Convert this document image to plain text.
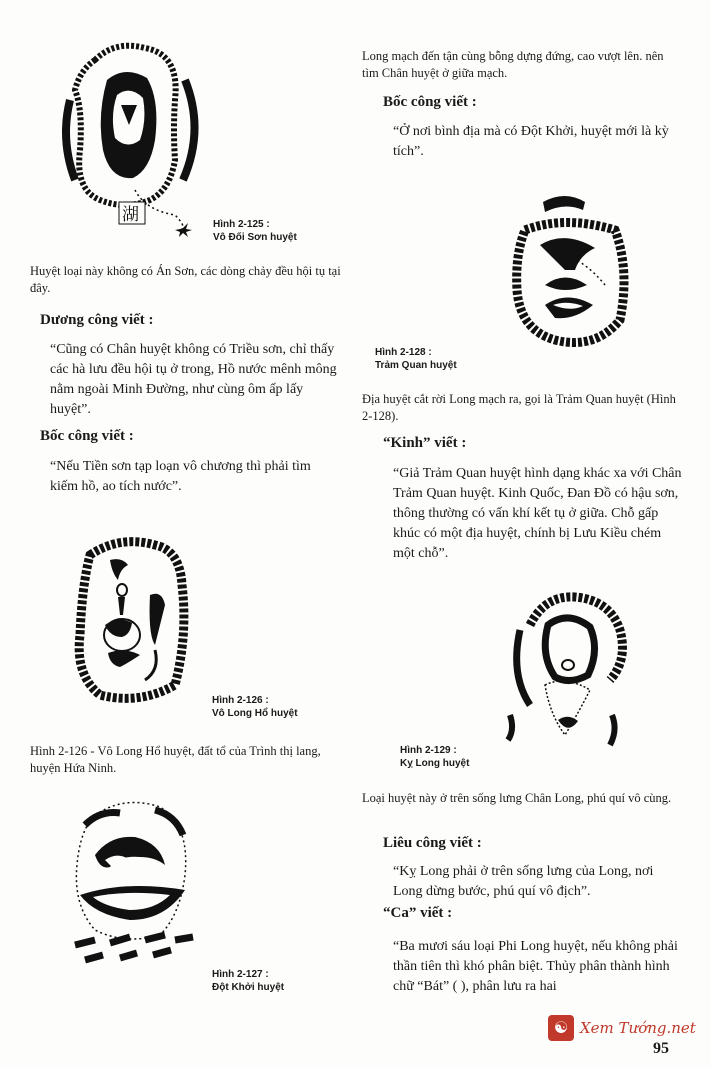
湖	Hình 2-125 :
Vô Đối Sơn huyệt
Huyệt loại này không có Án Sơn, các dòng chảy đều hội tụ tại đây.
Dương công viết :
“Cũng có Chân huyệt không có Triều sơn, chỉ thấy các hà lưu đều hội tụ ở trong, Hồ nước mênh mông nằm ngoài Minh Đường, như cùng ôm ấp lấy huyệt”.
Bốc công viết :
“Nếu Tiền sơn tạp loạn vô chương thì phải tìm kiếm hồ, ao tích nước”.
Hình 2-126 :
Vô Long Hổ huyệt
Hình 2-126 - Vô Long Hổ huyệt, đất tổ của Trình thị lang, huyện Hứa Ninh.
Hình 2-127 :
Đột Khởi huyệt
Long mạch đến tận cùng bỗng dựng đứng, cao vượt lên. nên tìm Chân huyệt ở giữa mạch.
Bốc công viết :
“Ở nơi bình địa mà có Đột Khởi, huyệt mới là kỳ tích”.
Hình 2-128 :
Trảm Quan huyệt
Địa huyệt cắt rời Long mạch ra, gọi là Trảm Quan huyệt (Hình 2-128).
“Kinh” viết :
“Giả Trảm Quan huyệt hình dạng khác xa với Chân Trảm Quan huyệt. Kinh Quốc, Đan Đồ có hậu sơn, thông thường có vấn khí kết tụ ở giữa. Chỗ gấp khúc có một địa huyệt, chính bị Lưu Kiều chém một chỗ”.
Hình 2-129 :
Kỵ Long huyệt
Loại huyệt này ở trên sống lưng Chân Long, phú quí vô cùng.
Liêu công viết :
“Kỵ Long phải ở trên sống lưng của Long, nơi Long dừng bước, phú quí vô địch”.
“Ca” viết :
“Ba mươi sáu loại Phi Long huyệt, nếu không phải thần tiên thì khó phân biệt. Thủy phân thành hình chữ “Bát” ( ), phân lưu ra hai
☯ Xem Tướng.net
95
